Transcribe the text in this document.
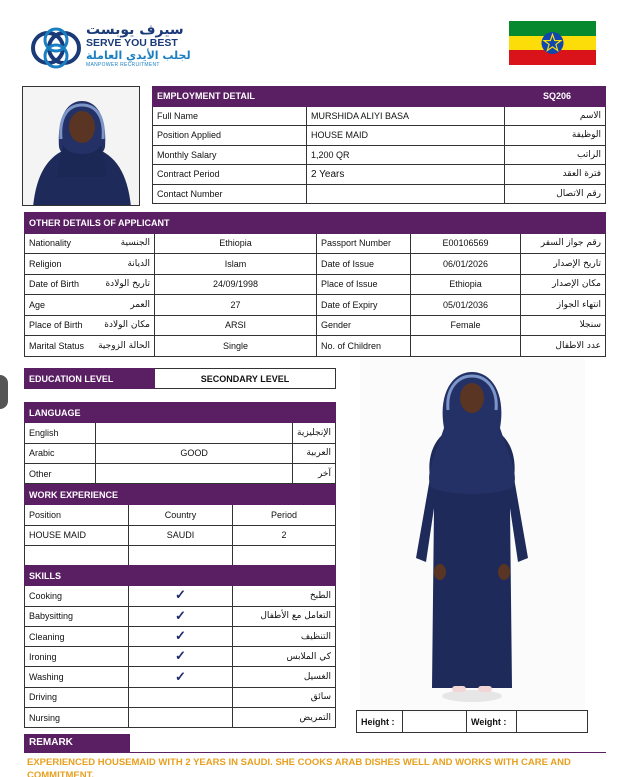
سيرف يوبست
SERVE YOU BEST
لجلب الأيدي العاملة
MANPOWER RECRUITMENT
EMPLOYMENT DETAIL		SQ206
Full Name	MURSHIDA ALIYI BASA	الاسم
Position Applied	HOUSE MAID	الوظيفة
Monthly Salary	1,200 QR	الراتب
Contract Period	2 Years	فترة العقد
Contact Number		رقم الاتصال
OTHER DETAILS OF APPLICANT					
Nationality	الجنسية	Ethiopia	Passport Number	E00106569	رقم جواز السفر
Religion	الديانة	Islam	Date of Issue	06/01/2026	تاريخ الإصدار
Date of Birth	تاريخ الولادة	24/09/1998	Place of Issue	Ethiopia	مكان الإصدار
Age	العمر	27	Date of Expiry	05/01/2036	انتهاء الجواز
Place of Birth	مكان الولادة	ARSI	Gender	Female	سنجلا
Marital Status	الحالة الزوجية	Single	No. of Children		عدد الاطفال
EDUCATION LEVEL	SECONDARY LEVEL
LANGUAGE		
English		الإنجليزية
Arabic	GOOD	العربية
Other		آخر
WORK EXPERIENCE		
Position	Country	Period
HOUSE MAID	SAUDI	2

SKILLS		
Cooking	✓	الطبخ
Babysitting	✓	التعامل مع الأطفال
Cleaning	✓	التنظيف
Ironing	✓	كي الملابس
Washing	✓	الغسيل
Driving		سائق
Nursing		التمريض	Height :		Weight :	
REMARK
EXPERIENCED HOUSEMAID WITH 2 YEARS IN SAUDI. SHE COOKS ARAB DISHES WELL AND WORKS WITH CARE AND COMMITMENT.
